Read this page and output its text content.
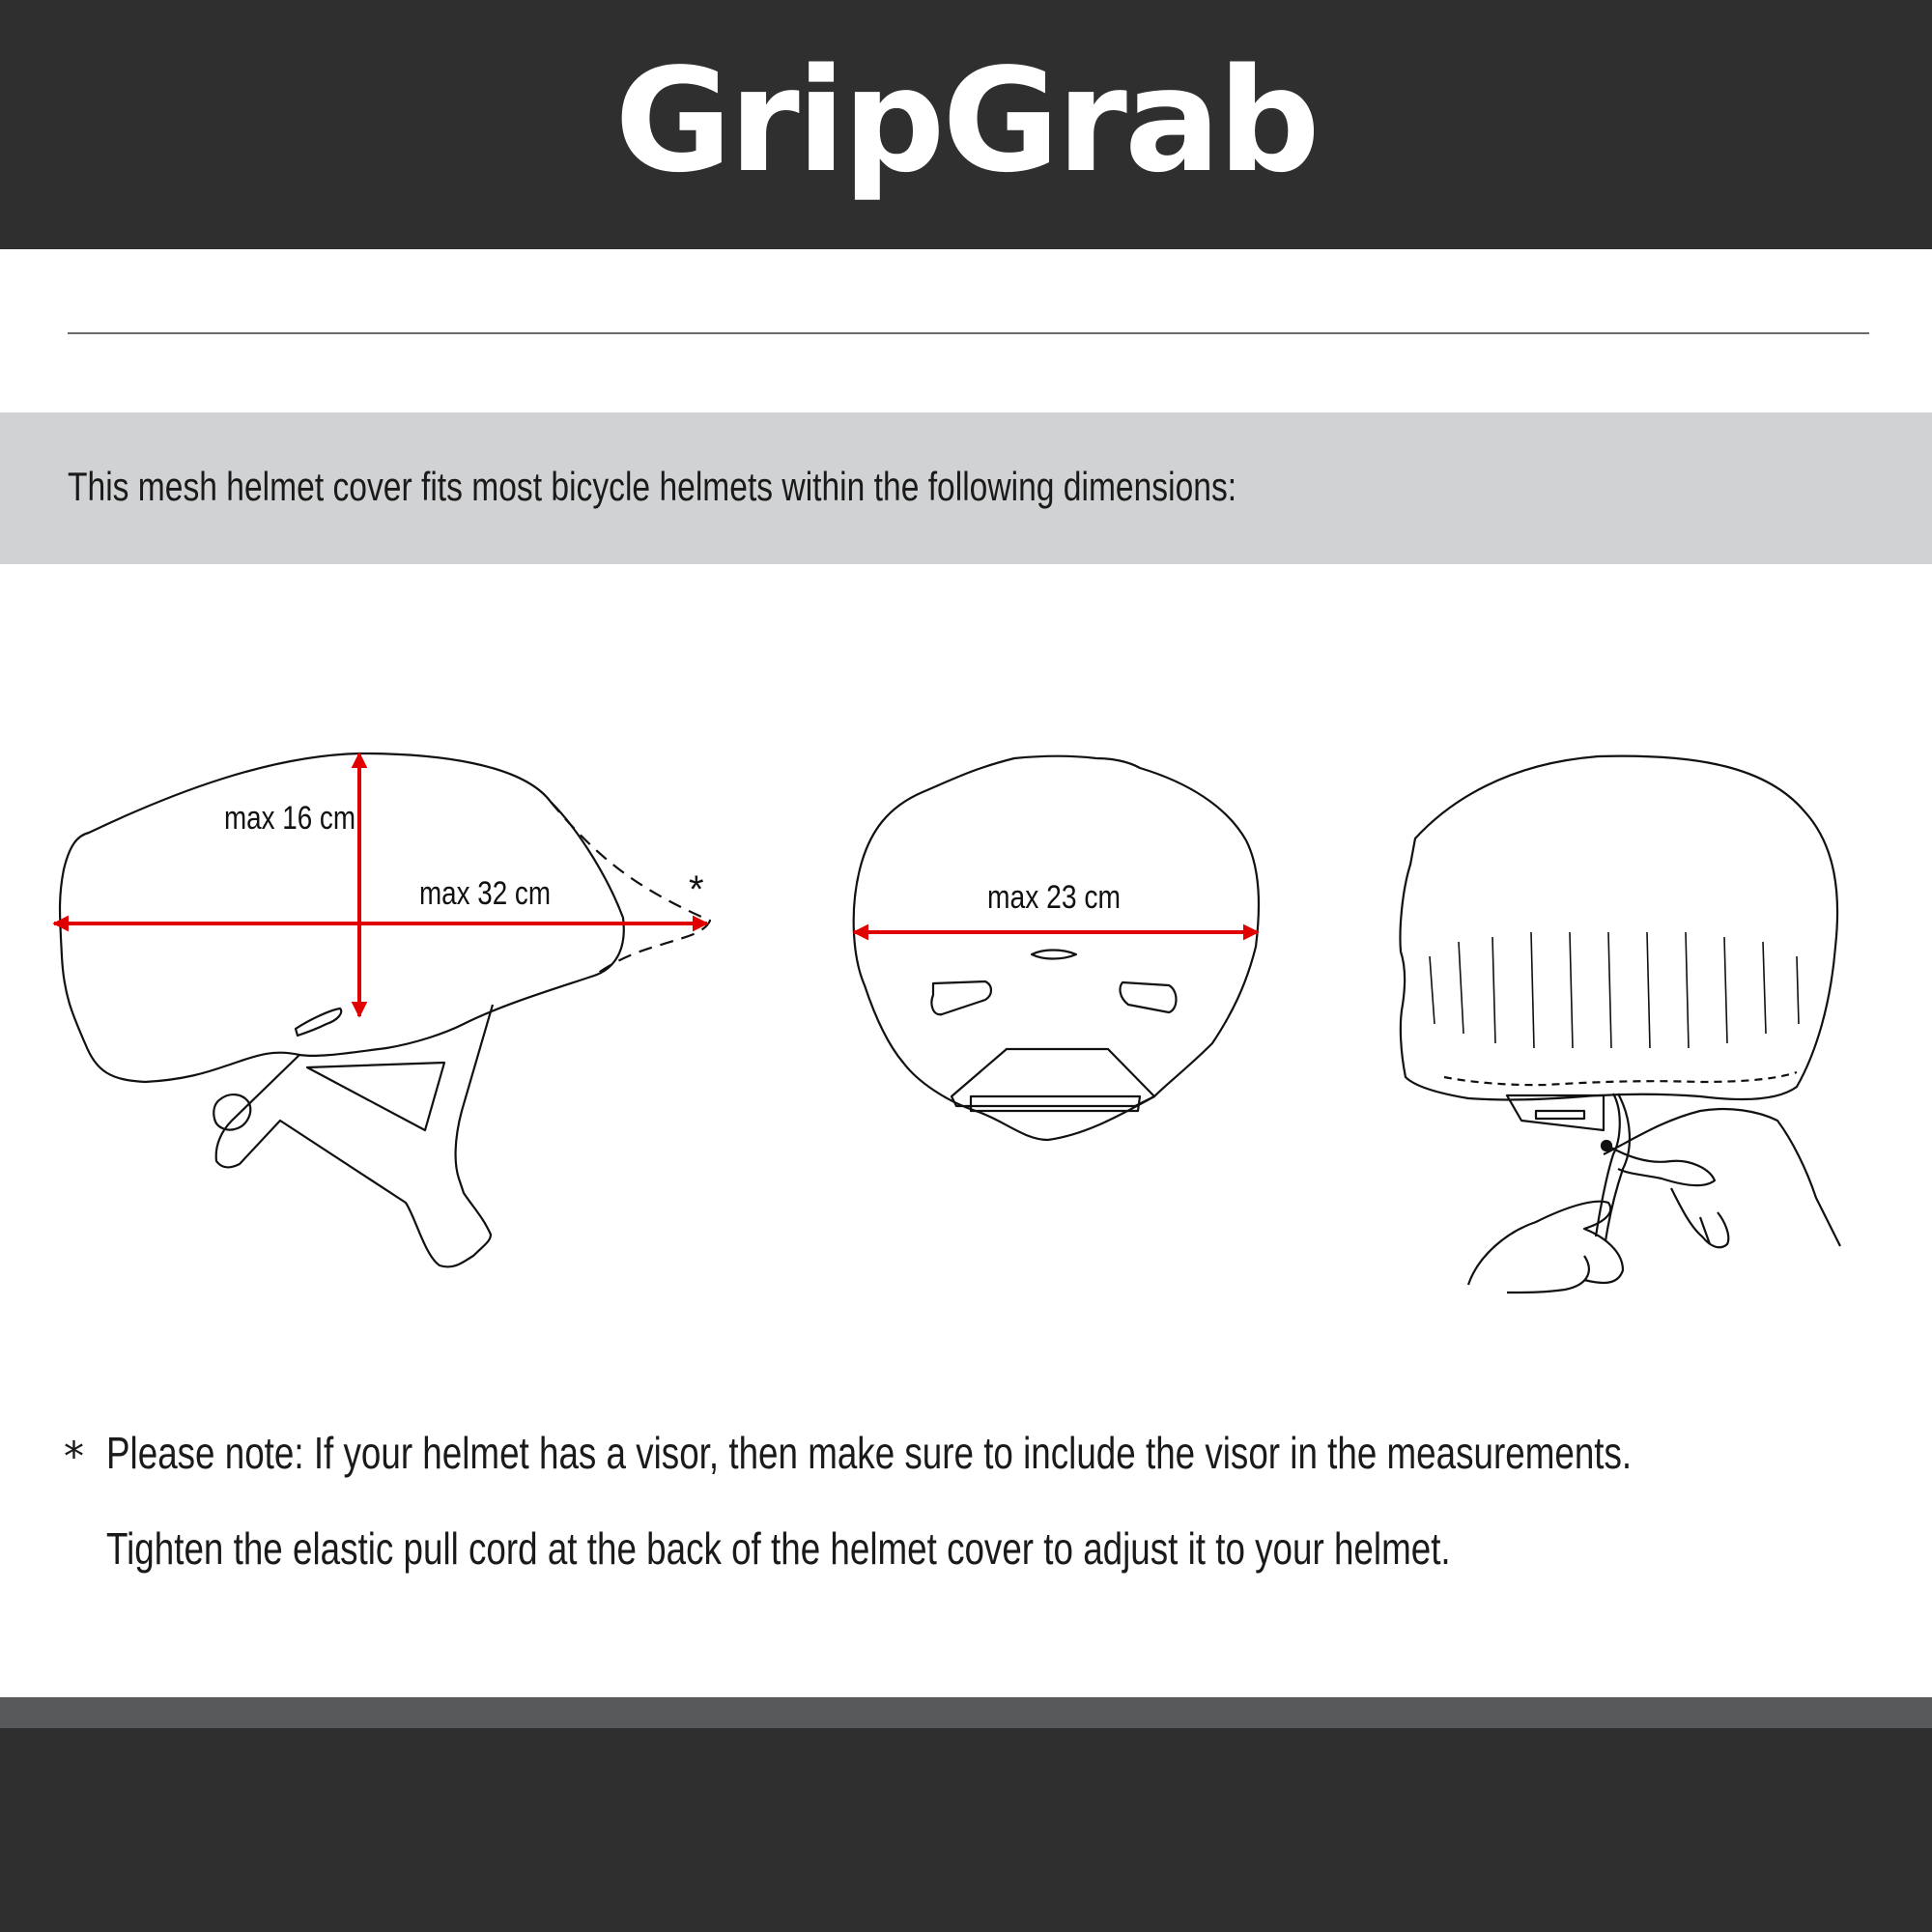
GripGrab
This mesh helmet cover fits most bicycle helmets within the following dimensions:
max 16 cm
max 32 cm	*	max 23 cm
* Please note: If your helmet has a visor, then make sure to include the visor in the measurements.
Tighten the elastic pull cord at the back of the helmet cover to adjust it to your helmet.
